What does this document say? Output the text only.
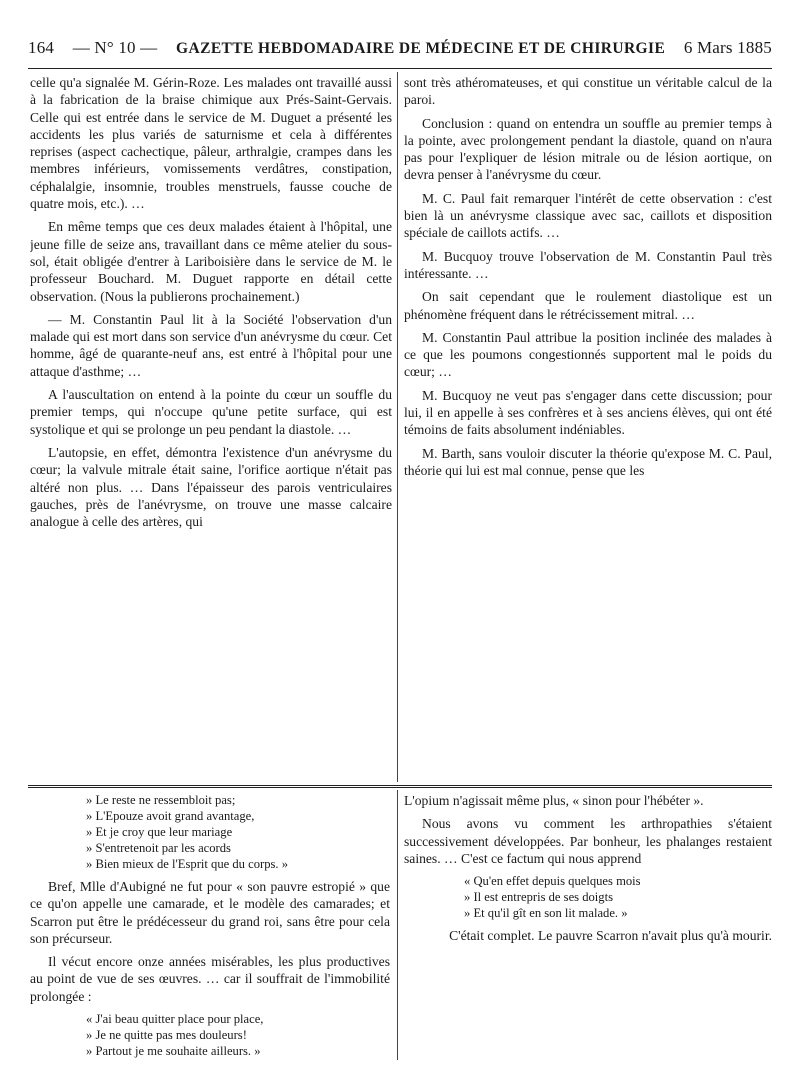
164 — N° 10 — GAZETTE HEBDOMADAIRE DE MÉDECINE ET DE CHIRURGIE 6 Mars 1885

celle qu'a signalée M. Gérin-Roze. Les malades ont travaillé aussi à la fabrication de la braise chimique aux Prés-Saint-Gervais. Celle qui est entrée dans le service de M. Duguet a présenté les accidents les plus variés de saturnisme et cela à différentes reprises (aspect cachectique, pâleur, arthralgie, crampes dans les membres inférieurs, vomissements verdâtres, constipation, céphalalgie, insomnie, troubles menstruels, fausse couche de quatre mois, etc.). …

En même temps que ces deux malades étaient à l'hôpital, une jeune fille de seize ans, travaillant dans ce même atelier du sous-sol, était obligée d'entrer à Lariboisière dans le service de M. le professeur Bouchard. M. Duguet rapporte en détail cette observation. (Nous la publierons prochainement.)

— M. Constantin Paul lit à la Société l'observation d'un malade qui est mort dans son service d'un anévrysme du cœur. Cet homme, âgé de quarante-neuf ans, est entré à l'hôpital pour une attaque d'asthme; …

A l'auscultation on entend à la pointe du cœur un souffle du premier temps, qui n'occupe qu'une petite surface, qui est systolique et qui se prolonge un peu pendant la diastole. …

L'autopsie, en effet, démontra l'existence d'un anévrysme du cœur; la valvule mitrale était saine, l'orifice aortique n'était pas altéré non plus. … Dans l'épaisseur des parois ventriculaires gauches, près de l'anévrysme, on trouve une masse calcaire analogue à celle des artères, qui

sont très athéromateuses, et qui constitue un véritable calcul de la paroi.

Conclusion : quand on entendra un souffle au premier temps à la pointe, avec prolongement pendant la diastole, quand on n'aura pas pour l'expliquer de lésion mitrale ou de lésion aortique, on devra penser à l'anévrysme du cœur.

M. C. Paul fait remarquer l'intérêt de cette observation : c'est bien là un anévrysme classique avec sac, caillots et disposition spéciale de caillots actifs. …

M. Bucquoy trouve l'observation de M. Constantin Paul très intéressante. …

On sait cependant que le roulement diastolique est un phénomène fréquent dans le rétrécissement mitral. …

M. Constantin Paul attribue la position inclinée des malades à ce que les poumons congestionnés supportent mal le poids du cœur; …

M. Bucquoy ne veut pas s'engager dans cette discussion; pour lui, il en appelle à ses confrères et à ses anciens élèves, qui ont été témoins de faits absolument indéniables.

M. Barth, sans vouloir discuter la théorie qu'expose M. C. Paul, théorie qui lui est mal connue, pense que les

» Le reste ne ressembloit pas;
» L'Epouze avoit grand avantage,
» Et je croy que leur mariage
» S'entretenoit par les acords
» Bien mieux de l'Esprit que du corps. »

Bref, Mlle d'Aubigné ne fut pour « son pauvre estropié » que ce qu'on appelle une camarade, et le modèle des camarades; et Scarron put être le prédécesseur du grand roi, sans être pour cela son précurseur.

Il vécut encore onze années misérables, les plus productives au point de vue de ses œuvres. … car il souffrait de l'immobilité prolongée :

« J'ai beau quitter place pour place,
» Je ne quitte pas mes douleurs!
» Partout je me souhaite ailleurs. »

L'opium n'agissait même plus, « sinon pour l'hébéter ».

Nous avons vu comment les arthropathies s'étaient successivement développées. Par bonheur, les phalanges restaient saines. … C'est ce factum qui nous apprend

« Qu'en effet depuis quelques mois
» Il est entrepris de ses doigts
» Et qu'il gît en son lit malade. »

C'était complet. Le pauvre Scarron n'avait plus qu'à mourir.
